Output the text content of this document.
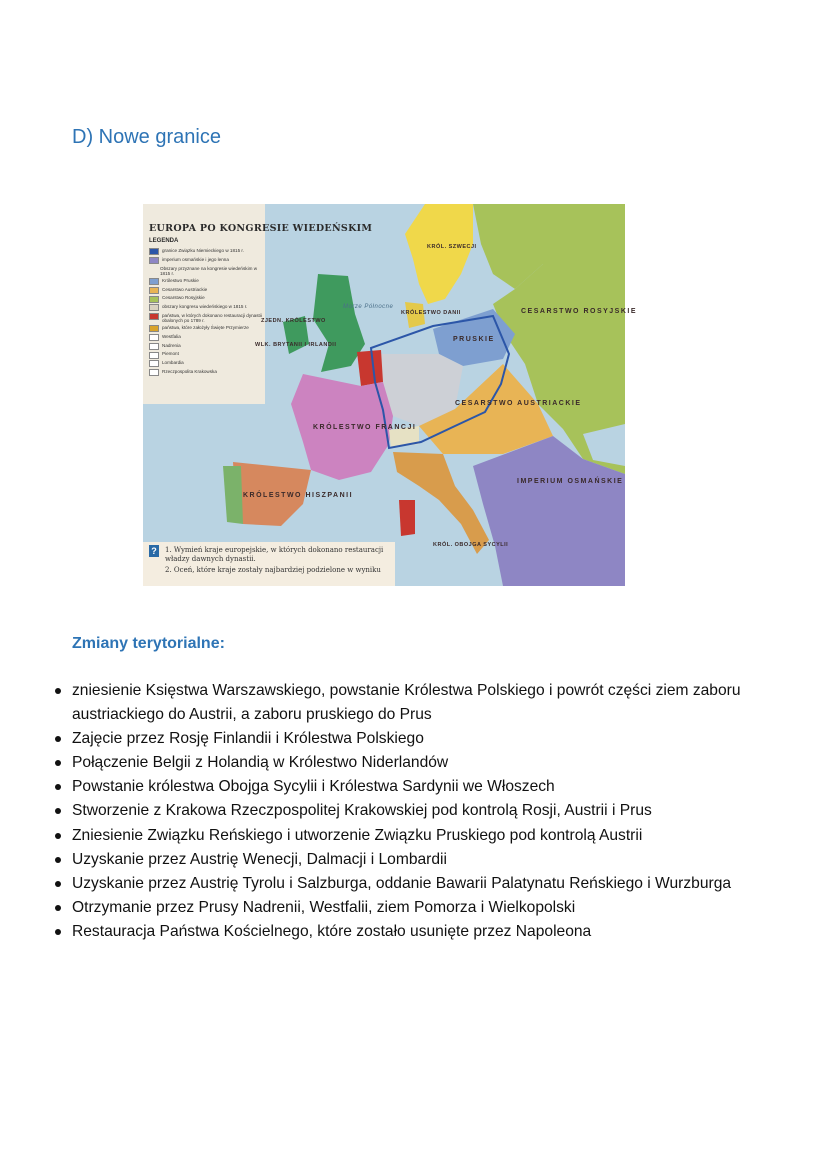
D) Nowe granice
EUROPA PO KONGRESIE WIEDEŃSKIM
LEGENDA
granice Związku Niemieckiego w 1815 r.
imperium osmańskie i jego lenna
Obszary przyznane na kongresie wiedeńskim w 1815 r.
Królestwo Pruskie
Cesarstwo Austriackie
Cesarstwo Rosyjskie
obszary kongresu wiedeńskiego w 1815 r.
państwa, w których dokonano restauracji dynastii obalonych po 1789 r.
państwa, które założyły Święte Przymierze
Westfalia
Nadrenia
Piemont
Lombardia
Rzeczpospolita Krakowska
ZJEDN. KRÓLESTWO
WLK. BRYTANII I IRLANDII
Morze Północne
KRÓLESTWO DANII
KRÓL. SZWECJI
CESARSTWO ROSYJSKIE
PRUSKIE
CESARSTWO AUSTRIACKIE
KRÓLESTWO FRANCJI
KRÓLESTWO HISZPANII
IMPERIUM OSMAŃSKIE
KRÓL. OBOJGA SYCYLII
?	1. Wymień kraje europejskie, w których dokonano restauracji władzy dawnych dynastii.
2. Oceń, które kraje zostały najbardziej podzielone w wyniku
Zmiany terytorialne:
zniesienie Księstwa Warszawskiego, powstanie Królestwa Polskiego i powrót części ziem zaboru austriackiego do Austrii, a zaboru pruskiego do Prus
Zajęcie przez Rosję Finlandii i Królestwa Polskiego
Połączenie Belgii z Holandią w Królestwo Niderlandów
Powstanie królestwa Obojga Sycylii i Królestwa Sardynii we Włoszech
Stworzenie z Krakowa Rzeczpospolitej Krakowskiej pod kontrolą Rosji, Austrii i Prus
Zniesienie Związku Reńskiego i utworzenie Związku Pruskiego pod kontrolą Austrii
Uzyskanie przez Austrię Wenecji, Dalmacji i Lombardii
Uzyskanie przez Austrię Tyrolu i Salzburga, oddanie Bawarii Palatynatu Reńskiego i Wurzburga
Otrzymanie przez Prusy Nadrenii, Westfalii, ziem Pomorza i Wielkopolski
Restauracja Państwa Kościelnego, które zostało usunięte przez Napoleona
